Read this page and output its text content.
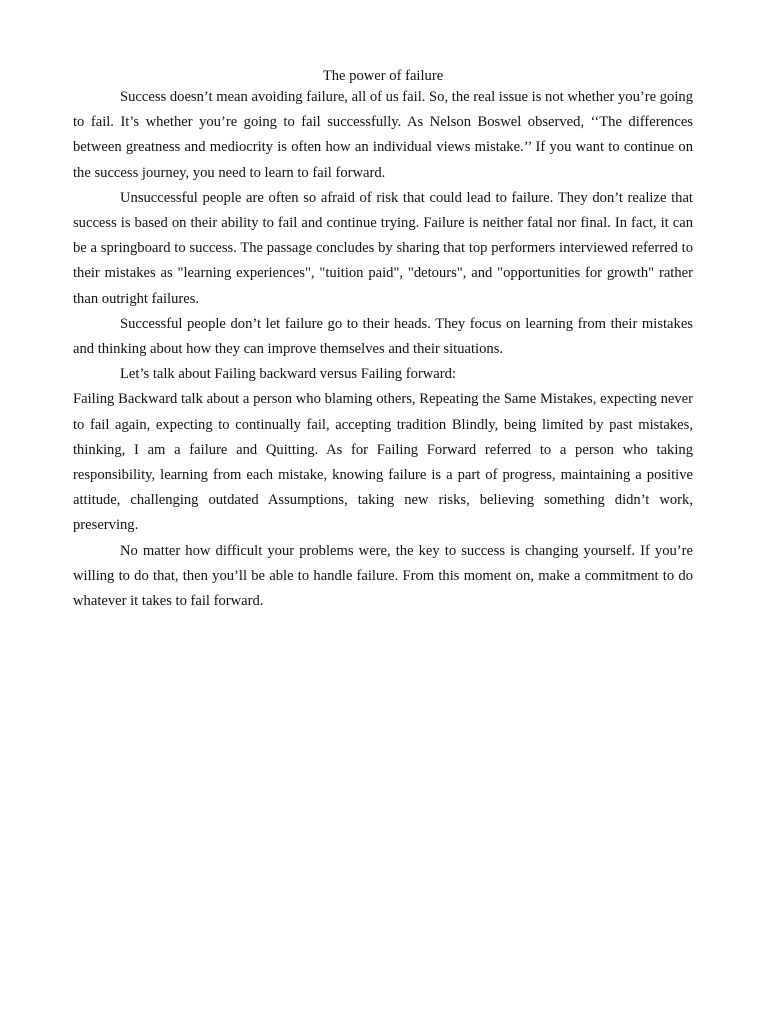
The power of failure

Success doesn’t mean avoiding failure, all of us fail. So, the real issue is not whether you’re going to fail. It’s whether you’re going to fail successfully. As Nelson Boswel observed, ‘‘The differences between greatness and mediocrity is often how an individual views mistake.’’ If you want to continue on the success journey, you need to learn to fail forward.

Unsuccessful people are often so afraid of risk that could lead to failure. They don’t realize that success is based on their ability to fail and continue trying. Failure is neither fatal nor final. In fact, it can be a springboard to success. The passage concludes by sharing that top performers interviewed referred to their mistakes as "learning experiences", "tuition paid", "detours", and "opportunities for growth" rather than outright failures.

Successful people don’t let failure go to their heads. They focus on learning from their mistakes and thinking about how they can improve themselves and their situations.

Let’s talk about Failing backward versus Failing forward:

Failing Backward talk about a person who blaming others, Repeating the Same Mistakes, expecting never to fail again, expecting to continually fail, accepting tradition Blindly, being limited by past mistakes, thinking, I am a failure and Quitting. As for Failing Forward referred to a person who taking responsibility, learning from each mistake, knowing failure is a part of progress, maintaining a positive attitude, challenging outdated Assumptions, taking new risks, believing something didn’t work, preserving.

No matter how difficult your problems were, the key to success is changing yourself. If you’re willing to do that, then you’ll be able to handle failure. From this moment on, make a commitment to do whatever it takes to fail forward.
